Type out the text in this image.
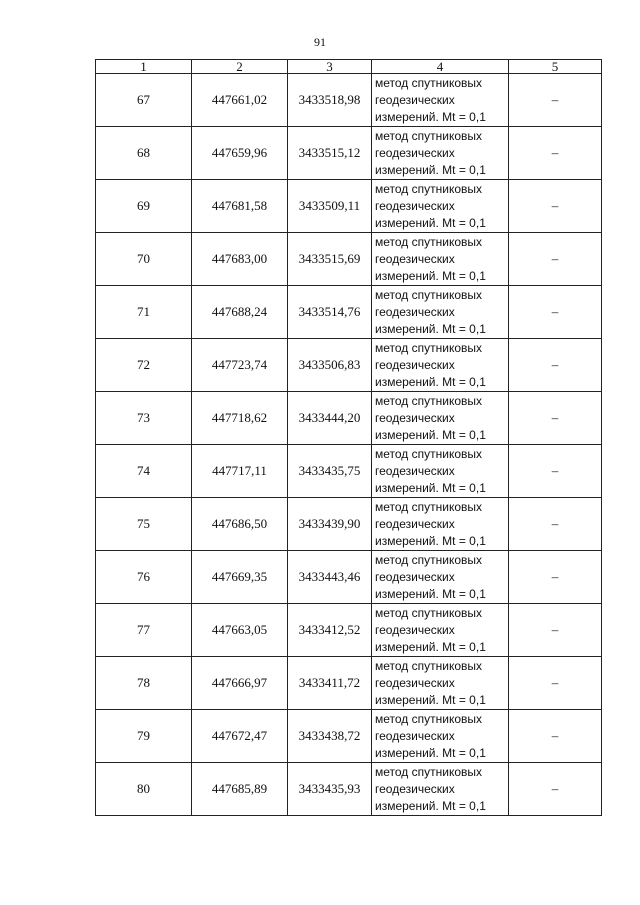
91
1	2	3	4	5
67	447661,02	3433518,98	метод спутниковых
геодезических
измерений. Mt = 0,1	–
68	447659,96	3433515,12	метод спутниковых
геодезических
измерений. Mt = 0,1	–
69	447681,58	3433509,11	метод спутниковых
геодезических
измерений. Mt = 0,1	–
70	447683,00	3433515,69	метод спутниковых
геодезических
измерений. Mt = 0,1	–
71	447688,24	3433514,76	метод спутниковых
геодезических
измерений. Mt = 0,1	–
72	447723,74	3433506,83	метод спутниковых
геодезических
измерений. Mt = 0,1	–
73	447718,62	3433444,20	метод спутниковых
геодезических
измерений. Mt = 0,1	–
74	447717,11	3433435,75	метод спутниковых
геодезических
измерений. Mt = 0,1	–
75	447686,50	3433439,90	метод спутниковых
геодезических
измерений. Mt = 0,1	–
76	447669,35	3433443,46	метод спутниковых
геодезических
измерений. Mt = 0,1	–
77	447663,05	3433412,52	метод спутниковых
геодезических
измерений. Mt = 0,1	–
78	447666,97	3433411,72	метод спутниковых
геодезических
измерений. Mt = 0,1	–
79	447672,47	3433438,72	метод спутниковых
геодезических
измерений. Mt = 0,1	–
80	447685,89	3433435,93	метод спутниковых
геодезических
измерений. Mt = 0,1	–
